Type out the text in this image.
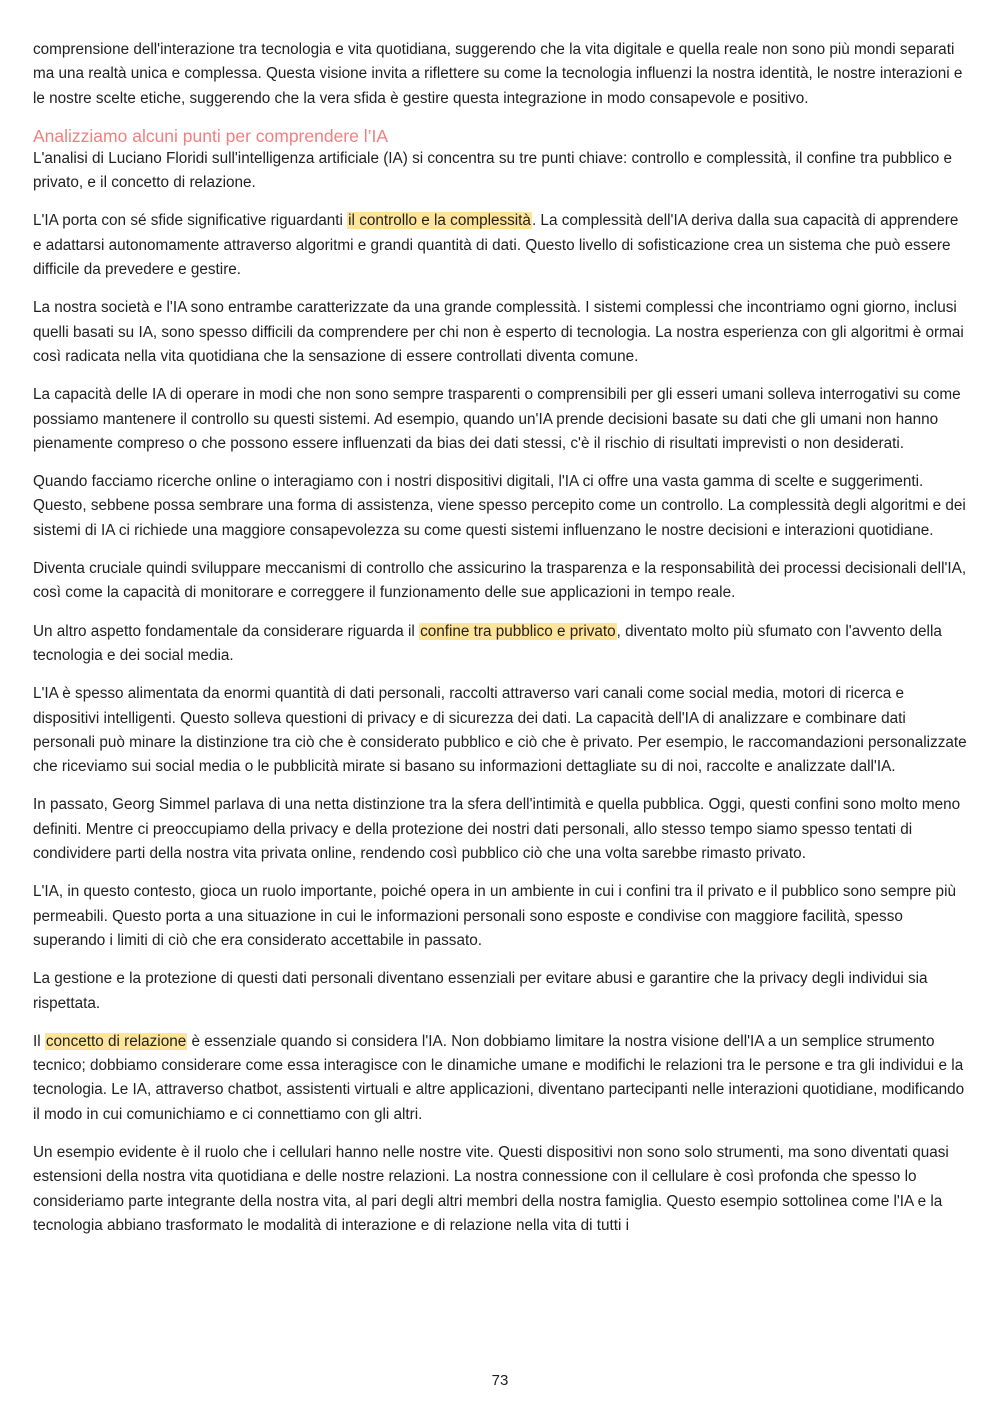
comprensione dell'interazione tra tecnologia e vita quotidiana, suggerendo che la vita digitale e quella reale non sono più mondi separati ma una realtà unica e complessa. Questa visione invita a riflettere su come la tecnologia influenzi la nostra identità, le nostre interazioni e le nostre scelte etiche, suggerendo che la vera sfida è gestire questa integrazione in modo consapevole e positivo.

Analizziamo alcuni punti per comprendere l’IA

L'analisi di Luciano Floridi sull'intelligenza artificiale (IA) si concentra su tre punti chiave: controllo e complessità, il confine tra pubblico e privato, e il concetto di relazione.

L'IA porta con sé sfide significative riguardanti il controllo e la complessità. La complessità dell'IA deriva dalla sua capacità di apprendere e adattarsi autonomamente attraverso algoritmi e grandi quantità di dati. Questo livello di sofisticazione crea un sistema che può essere difficile da prevedere e gestire.

La nostra società e l'IA sono entrambe caratterizzate da una grande complessità. I sistemi complessi che incontriamo ogni giorno, inclusi quelli basati su IA, sono spesso difficili da comprendere per chi non è esperto di tecnologia. La nostra esperienza con gli algoritmi è ormai così radicata nella vita quotidiana che la sensazione di essere controllati diventa comune.

La capacità delle IA di operare in modi che non sono sempre trasparenti o comprensibili per gli esseri umani solleva interrogativi su come possiamo mantenere il controllo su questi sistemi. Ad esempio, quando un'IA prende decisioni basate su dati che gli umani non hanno pienamente compreso o che possono essere influenzati da bias dei dati stessi, c'è il rischio di risultati imprevisti o non desiderati.

Quando facciamo ricerche online o interagiamo con i nostri dispositivi digitali, l'IA ci offre una vasta gamma di scelte e suggerimenti. Questo, sebbene possa sembrare una forma di assistenza, viene spesso percepito come un controllo. La complessità degli algoritmi e dei sistemi di IA ci richiede una maggiore consapevolezza su come questi sistemi influenzano le nostre decisioni e interazioni quotidiane.

Diventa cruciale quindi sviluppare meccanismi di controllo che assicurino la trasparenza e la responsabilità dei processi decisionali dell'IA, così come la capacità di monitorare e correggere il funzionamento delle sue applicazioni in tempo reale.

Un altro aspetto fondamentale da considerare riguarda il confine tra pubblico e privato, diventato molto più sfumato con l'avvento della tecnologia e dei social media.

L'IA è spesso alimentata da enormi quantità di dati personali, raccolti attraverso vari canali come social media, motori di ricerca e dispositivi intelligenti. Questo solleva questioni di privacy e di sicurezza dei dati. La capacità dell'IA di analizzare e combinare dati personali può minare la distinzione tra ciò che è considerato pubblico e ciò che è privato. Per esempio, le raccomandazioni personalizzate che riceviamo sui social media o le pubblicità mirate si basano su informazioni dettagliate su di noi, raccolte e analizzate dall'IA.

In passato, Georg Simmel parlava di una netta distinzione tra la sfera dell'intimità e quella pubblica. Oggi, questi confini sono molto meno definiti. Mentre ci preoccupiamo della privacy e della protezione dei nostri dati personali, allo stesso tempo siamo spesso tentati di condividere parti della nostra vita privata online, rendendo così pubblico ciò che una volta sarebbe rimasto privato.

L'IA, in questo contesto, gioca un ruolo importante, poiché opera in un ambiente in cui i confini tra il privato e il pubblico sono sempre più permeabili. Questo porta a una situazione in cui le informazioni personali sono esposte e condivise con maggiore facilità, spesso superando i limiti di ciò che era considerato accettabile in passato.

La gestione e la protezione di questi dati personali diventano essenziali per evitare abusi e garantire che la privacy degli individui sia rispettata.

Il concetto di relazione è essenziale quando si considera l'IA. Non dobbiamo limitare la nostra visione dell'IA a un semplice strumento tecnico; dobbiamo considerare come essa interagisce con le dinamiche umane e modifichi le relazioni tra le persone e tra gli individui e la tecnologia. Le IA, attraverso chatbot, assistenti virtuali e altre applicazioni, diventano partecipanti nelle interazioni quotidiane, modificando il modo in cui comunichiamo e ci connettiamo con gli altri.

Un esempio evidente è il ruolo che i cellulari hanno nelle nostre vite. Questi dispositivi non sono solo strumenti, ma sono diventati quasi estensioni della nostra vita quotidiana e delle nostre relazioni. La nostra connessione con il cellulare è così profonda che spesso lo consideriamo parte integrante della nostra vita, al pari degli altri membri della nostra famiglia. Questo esempio sottolinea come l'IA e la tecnologia abbiano trasformato le modalità di interazione e di relazione nella vita di tutti i

73
